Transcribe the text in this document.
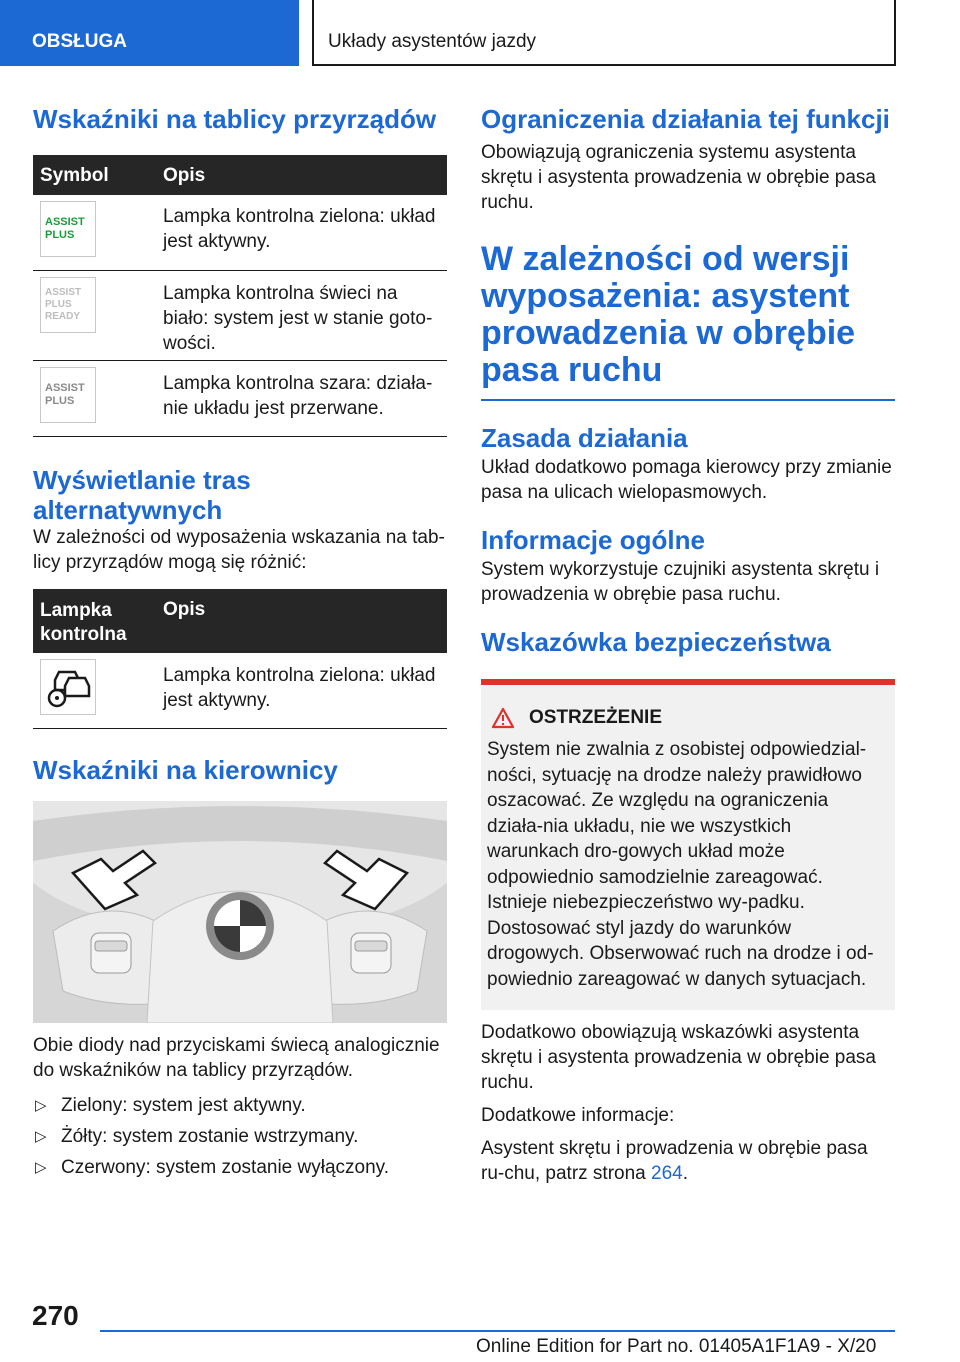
OBSŁUGA	Układy asystentów jazdy
Wskaźniki na tablicy przyrządów
Symbol	Opis

ASSIST
PLUS	Lampka kontrolna zielona: układ jest aktywny.

ASSIST
PLUS
READY	Lampka kontrolna świeci na biało: system jest w stanie goto-wości.

ASSIST
PLUS	Lampka kontrolna szara: działa-nie układu jest przerwane.
Wyświetlanie tras alternatywnych

W zależności od wyposażenia wskazania na tab-licy przyrządów mogą się różnić:

Lampka kontrolna	Opis

	Lampka kontrolna zielona: układ jest aktywny.
Wskaźniki na kierownicy

Obie diody nad przyciskami świecą analogicznie do wskaźników na tablicy przyrządów.

▷ Zielony: system jest aktywny.
▷ Żółty: system zostanie wstrzymany.
▷ Czerwony: system zostanie wyłączony.
Ograniczenia działania tej funkcji

Obowiązują ograniczenia systemu asystenta skrętu i asystenta prowadzenia w obrębie pasa ruchu.

W zależności od wersji wyposażenia: asystent prowadzenia w obrębie pasa ruchu
Zasada działania

Układ dodatkowo pomaga kierowcy przy zmianie pasa na ulicach wielopasmowych.

Informacje ogólne

System wykorzystuje czujniki asystenta skrętu i prowadzenia w obrębie pasa ruchu.

Wskazówka bezpieczeństwa
OSTRZEŻENIE

System nie zwalnia z osobistej odpowiedzial-ności, sytuację na drodze należy prawidłowo oszacować. Ze względu na ograniczenia działa-nia układu, nie we wszystkich warunkach dro-gowych układ może odpowiednio samodzielnie zareagować. Istnieje niebezpieczeństwo wy-padku. Dostosować styl jazdy do warunków drogowych. Obserwować ruch na drodze i od-powiednio zareagować w danych sytuacjach.

Dodatkowo obowiązują wskazówki asystenta skrętu i asystenta prowadzenia w obrębie pasa ruchu.

Dodatkowe informacje:

Asystent skrętu i prowadzenia w obrębie pasa ru-chu, patrz strona 264.

270
Online Edition for Part no. 01405A1F1A9 - X/20
